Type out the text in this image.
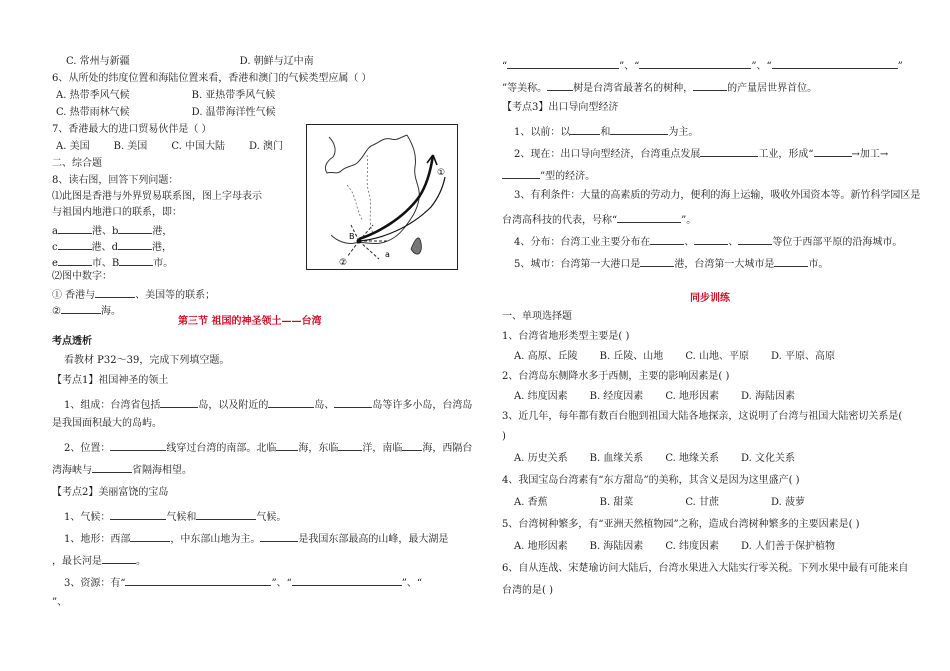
C. 常州与新疆	D. 朝鲜与辽中南
6、从所处的纬度位置和海陆位置来看，香港和澳门的气候类型应属（ ）
A. 热带季风气候	B. 亚热带季风气候
C. 热带雨林气候	D. 温带海洋性气候
7、香港最大的进口贸易伙伴是（ ）
A. 美国 B. 美国 C. 中国大陆 D. 澳门
二、综合题
8、读右图，回答下列问题：
⑴此图是香港与外界贸易联系图，图上字母表示
与祖国内地港口的联系，即：
a	港、b	港，
c	港、d	港，
e	市、B	市。
⑵图中数字：
① 香港与	、美国等的联系；
②	海。
B
①
②
a
第三节 祖国的神圣领土——台湾
考点透析
看教材 P32～39，完成下列填空题。
【考点1】祖国神圣的领土
1、组成：台湾省包括	岛，以及附近的	岛、	岛等许多小岛，台湾岛
是我国面积最大的岛屿。
2、位置：	线穿过台湾的南部。北临 海，东临 洋，南临 海，西隔台
湾海峡与	省隔海相望。
【考点2】美丽富饶的宝岛
1、气候：	气候和	气候。
1、地形：西部	，中东部山地为主。	是我国东部最高的山峰，最大湖是
，最长河是	。
3、资源：有“	”、“	”、“
”、
“	”、“	”、“	”
”等美称。	树是台湾省最著名的树种，	的产量居世界首位。
【考点3】出口导向型经济
1、以前：以	和	为主。
2、现在：出口导向型经济，台湾重点发展	工业，形成“	→加工→
”型的经济。
3、有利条件：大量的高素质的劳动力，便利的海上运输，吸收外国资本等。新竹科学园区是
台湾高科技的代表，号称“	”。
4、分布：台湾工业主要分布在	、	、	等位于西部平原的沿海城市。
5、城市：台湾第一大港口是	港，台湾第一大城市是	市。
同步训练
一、单项选择题
1、台湾省地形类型主要是( )
A. 高原、丘陵 B. 丘陵、山地 C. 山地、平原 D. 平原、高原
2、台湾岛东侧降水多于西侧，主要的影响因素是( )
A. 纬度因素 B. 经度因素 C. 地形因素 D. 海陆因素
3、近几年，每年都有数百台胞到祖国大陆各地探亲，这说明了台湾与祖国大陆密切关系是(
)
A. 历史关系 B. 血缘关系 C. 地缘关系 D. 文化关系
4、我国宝岛台湾素有“东方甜岛”的美称，其含义是因为这里盛产( )
A. 香蕉	B. 甜菜	C. 甘蔗	D. 菠萝
5、台湾树种繁多，有“亚洲天然植物园”之称，造成台湾树种繁多的主要因素是( )
A. 地形因素 B. 海陆因素 C. 纬度因素 D. 人们善于保护植物
6、自从连战、宋楚瑜访问大陆后，台湾水果进入大陆实行零关税。下列水果中最有可能来自
台湾的是( )
